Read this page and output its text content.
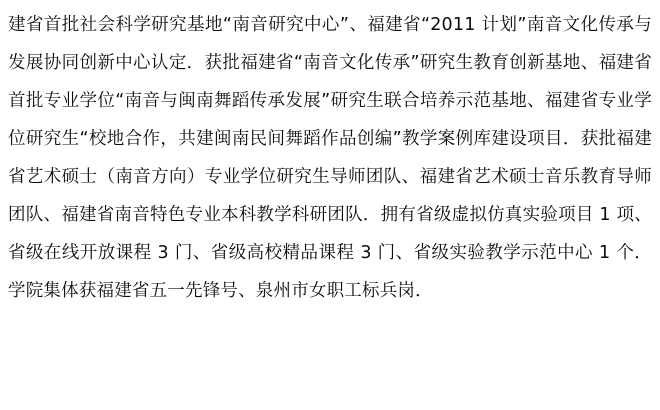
建省首批社会科学研究基地“南音研究中心”、福建省“2011 计划”南音文化传承与发展协同创新中心认定．获批福建省“南音文化传承”研究生教育创新基地、福建省首批专业学位“南音与闽南舞蹈传承发展”研究生联合培养示范基地、福建省专业学位研究生“校地合作，共建闽南民间舞蹈作品创编”教学案例库建设项目．获批福建省艺术硕士（南音方向）专业学位研究生导师团队、福建省艺术硕士音乐教育导师团队、福建省南音特色专业本科教学科研团队．拥有省级虚拟仿真实验项目 1 项、省级在线开放课程 3 门、省级高校精品课程 3 门、省级实验教学示范中心 1 个．学院集体获福建省五一先锋号、泉州市女职工标兵岗．
